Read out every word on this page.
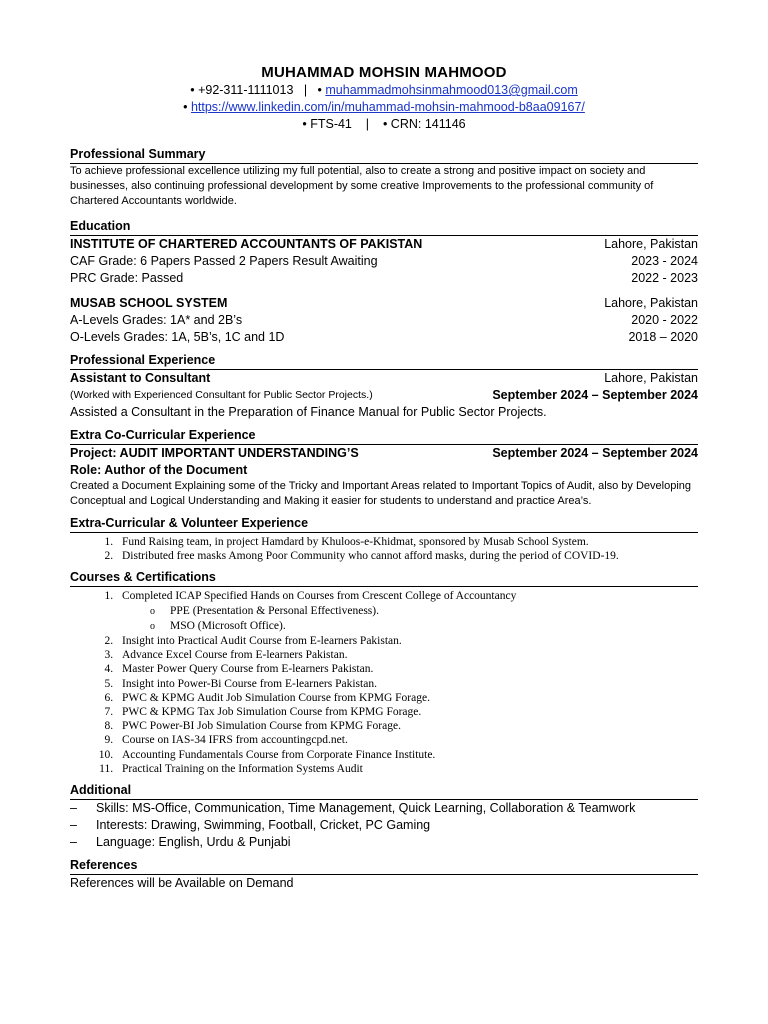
MUHAMMAD MOHSIN MAHMOOD
• +92-311-1111013 | • muhammadmohsinmahmood013@gmail.com
• https://www.linkedin.com/in/muhammad-mohsin-mahmood-b8aa09167/
• FTS-41 | • CRN: 141146
Professional Summary
To achieve professional excellence utilizing my full potential, also to create a strong and positive impact on society and businesses, also continuing professional development by some creative Improvements to the professional community of Chartered Accountants worldwide.
Education
INSTITUTE OF CHARTERED ACCOUNTANTS OF PAKISTAN	Lahore, Pakistan
CAF Grade: 6 Papers Passed 2 Papers Result Awaiting	2023 - 2024
PRC Grade: Passed	2022 - 2023
MUSAB SCHOOL SYSTEM	Lahore, Pakistan
A-Levels Grades: 1A* and 2B’s	2020 - 2022
O-Levels Grades: 1A, 5B’s, 1C and 1D	2018 – 2020
Professional Experience
Assistant to Consultant	Lahore, Pakistan
(Worked with Experienced Consultant for Public Sector Projects.)	September 2024 – September 2024
Assisted a Consultant in the Preparation of Finance Manual for Public Sector Projects.
Extra Co-Curricular Experience
Project: AUDIT IMPORTANT UNDERSTANDING’S	September 2024 – September 2024
Role: Author of the Document
Created a Document Explaining some of the Tricky and Important Areas related to Important Topics of Audit, also by Developing Conceptual and Logical Understanding and Making it easier for students to understand and practice Area’s.
Extra-Curricular & Volunteer Experience
1. Fund Raising team, in project Hamdard by Khuloos-e-Khidmat, sponsored by Musab School System.
2. Distributed free masks Among Poor Community who cannot afford masks, during the period of COVID-19.
Courses & Certifications
1. Completed ICAP Specified Hands on Courses from Crescent College of Accountancy
o PPE (Presentation & Personal Effectiveness).
o MSO (Microsoft Office).
2. Insight into Practical Audit Course from E-learners Pakistan.
3. Advance Excel Course from E-learners Pakistan.
4. Master Power Query Course from E-learners Pakistan.
5. Insight into Power-Bi Course from E-learners Pakistan.
6. PWC & KPMG Audit Job Simulation Course from KPMG Forage.
7. PWC & KPMG Tax Job Simulation Course from KPMG Forage.
8. PWC Power-BI Job Simulation Course from KPMG Forage.
9. Course on IAS-34 IFRS from accountingcpd.net.
10. Accounting Fundamentals Course from Corporate Finance Institute.
11. Practical Training on the Information Systems Audit
Additional
–	Skills: MS-Office, Communication, Time Management, Quick Learning, Collaboration & Teamwork
–	Interests: Drawing, Swimming, Football, Cricket, PC Gaming
–	Language: English, Urdu & Punjabi
References
References will be Available on Demand
